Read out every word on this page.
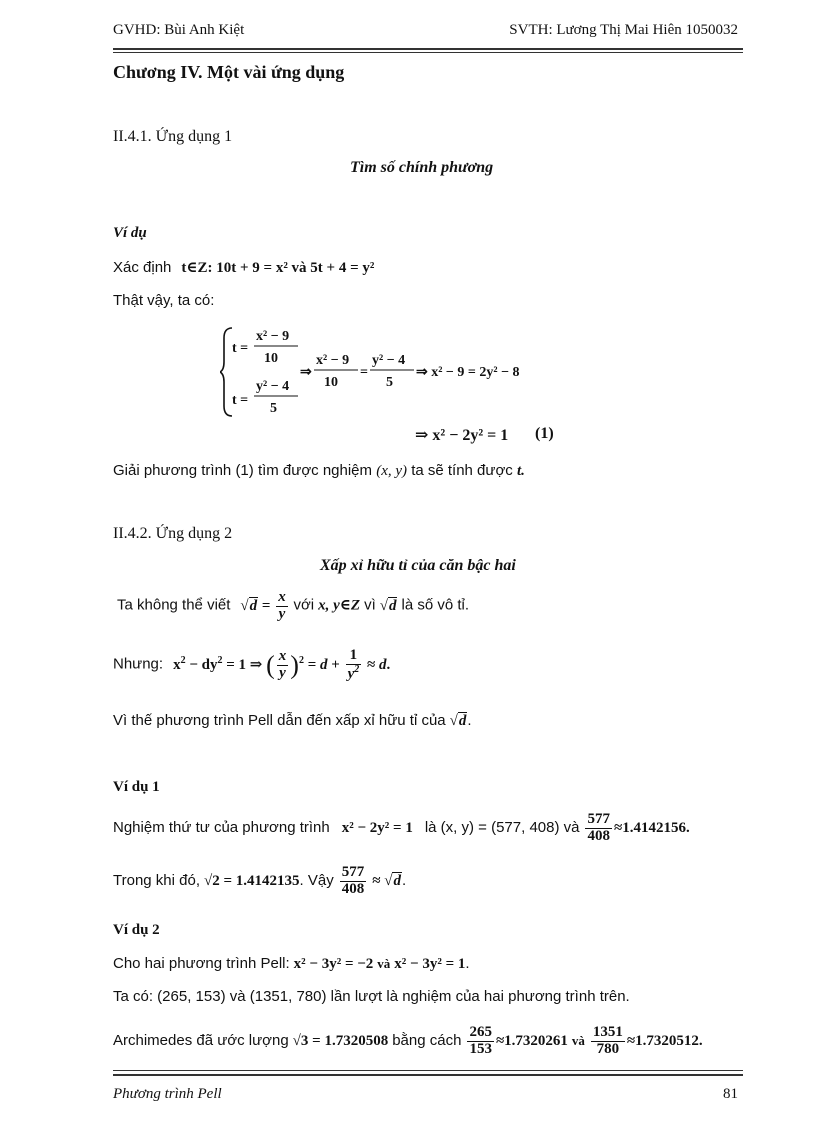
GVHD: Bùi Anh Kiệt	SVTH: Lương Thị Mai Hiên 1050032
Chương IV. Một vài ứng dụng
II.4.1. Ứng dụng 1
Tìm số chính phương
Ví dụ
Xác định t∈Z: 10t + 9 = x² và 5t + 4 = y²
Thật vậy, ta có:
t =
x² − 9
10
t =
y² − 4
5
⇒
x² − 9
10
=
y² − 4
5
⇒ x² − 9 = 2y² − 8
⇒ x² − 2y² = 1 (1)
Giải phương trình (1) tìm được nghiệm (x, y) ta sẽ tính được t.
II.4.2. Ứng dụng 2
Xấp xỉ hữu tỉ của căn bậc hai
Ta không thể viết $√d = \frac{x}{y}$ với x, y∈Z vì √d là số vô tỉ.
Nhưng: $x^2 - dy^2 = 1$ ⇒ ( $\frac{x}{y} )^2 = d + \frac{1}{y^2} \approx d$.
Vì thế phương trình Pell dẫn đến xấp xỉ hữu tỉ của √d.
Ví dụ 1
Nghiệm thứ tư của phương trình x² − 2y² = 1 là (x, y) = (577, 408) và $\frac{577}{408} \approx 1.4142156$.
Trong khi đó, √2 = 1.4142135. Vậy $\frac{577}{408} \approx √d$.
Ví dụ 2
Cho hai phương trình Pell: x² − 3y² = −2 và x² − 3y² = 1.
Ta có: (265, 153) và (1351, 780) lần lượt là nghiệm của hai phương trình trên.
Archimedes đã ước lượng √3 = 1.7320508 bằng cách $\frac{265}{153} \approx 1.7320261$ và $\frac{1351}{780} \approx 1.7320512$.
Phương trình Pell	81
